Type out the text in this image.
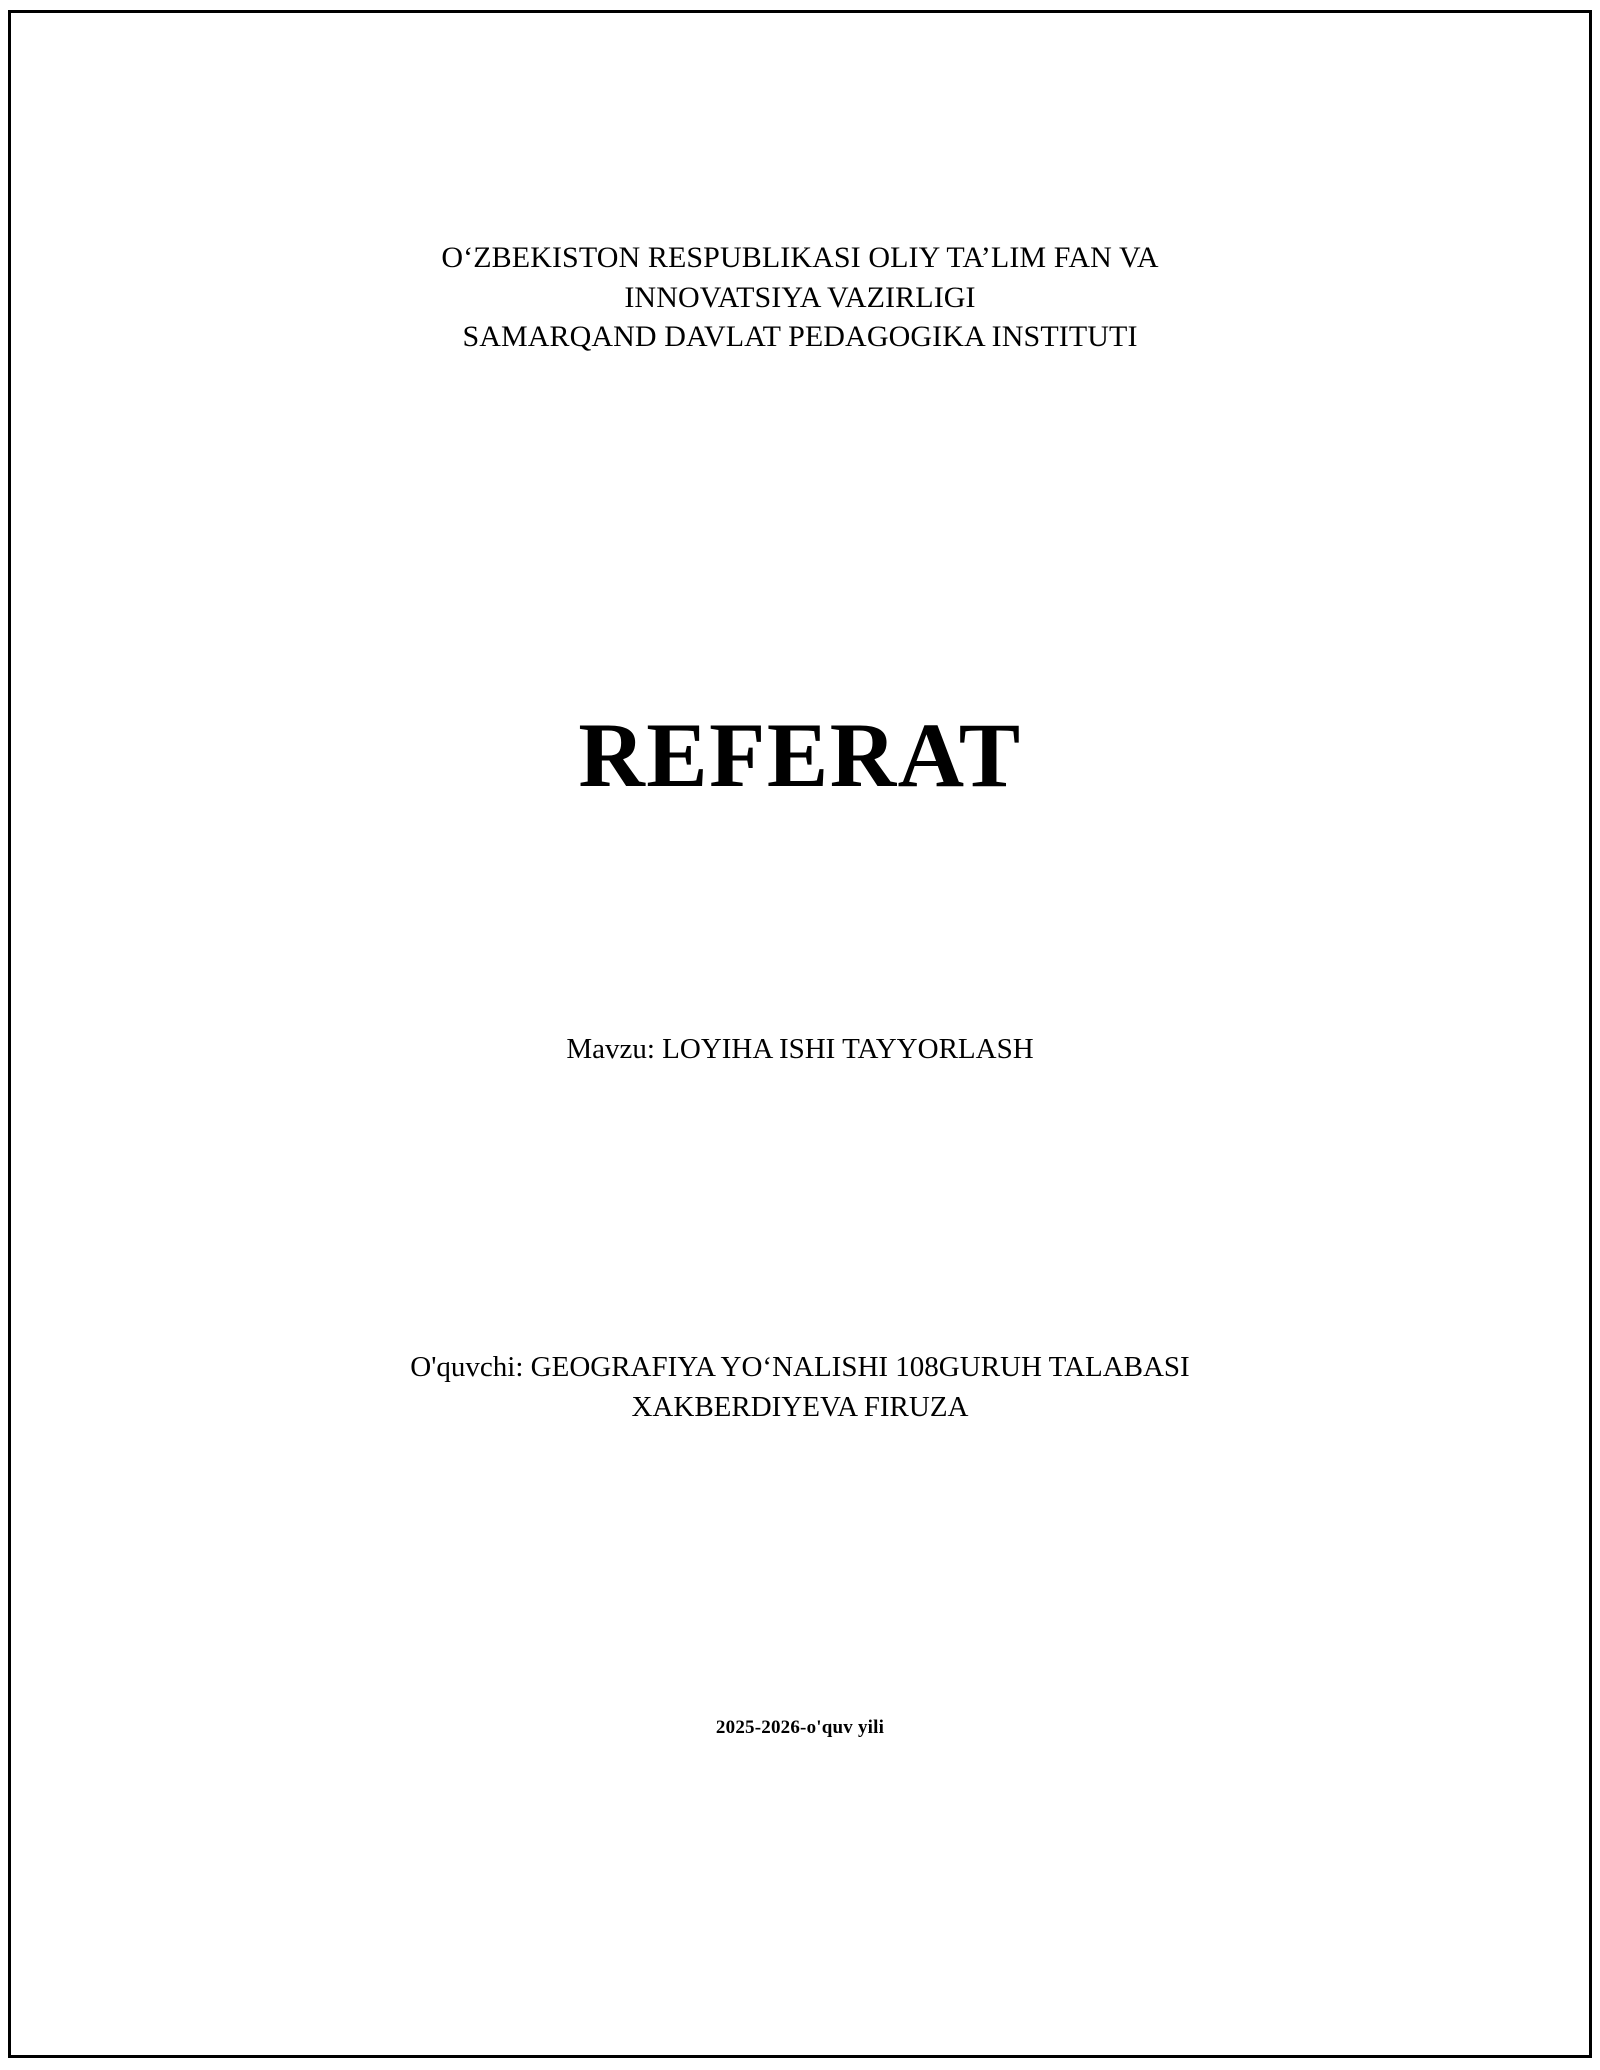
O‘ZBEKISTON RESPUBLIKASI OLIY TA’LIM FAN VA
INNOVATSIYA VAZIRLIGI
SAMARQAND DAVLAT PEDAGOGIKA INSTITUTI
REFERAT
Mavzu: LOYIHA ISHI TAYYORLASH
O'quvchi: GEOGRAFIYA YO‘NALISHI 108GURUH TALABASI
XAKBERDIYEVA FIRUZA
2025-2026-o'quv yili
